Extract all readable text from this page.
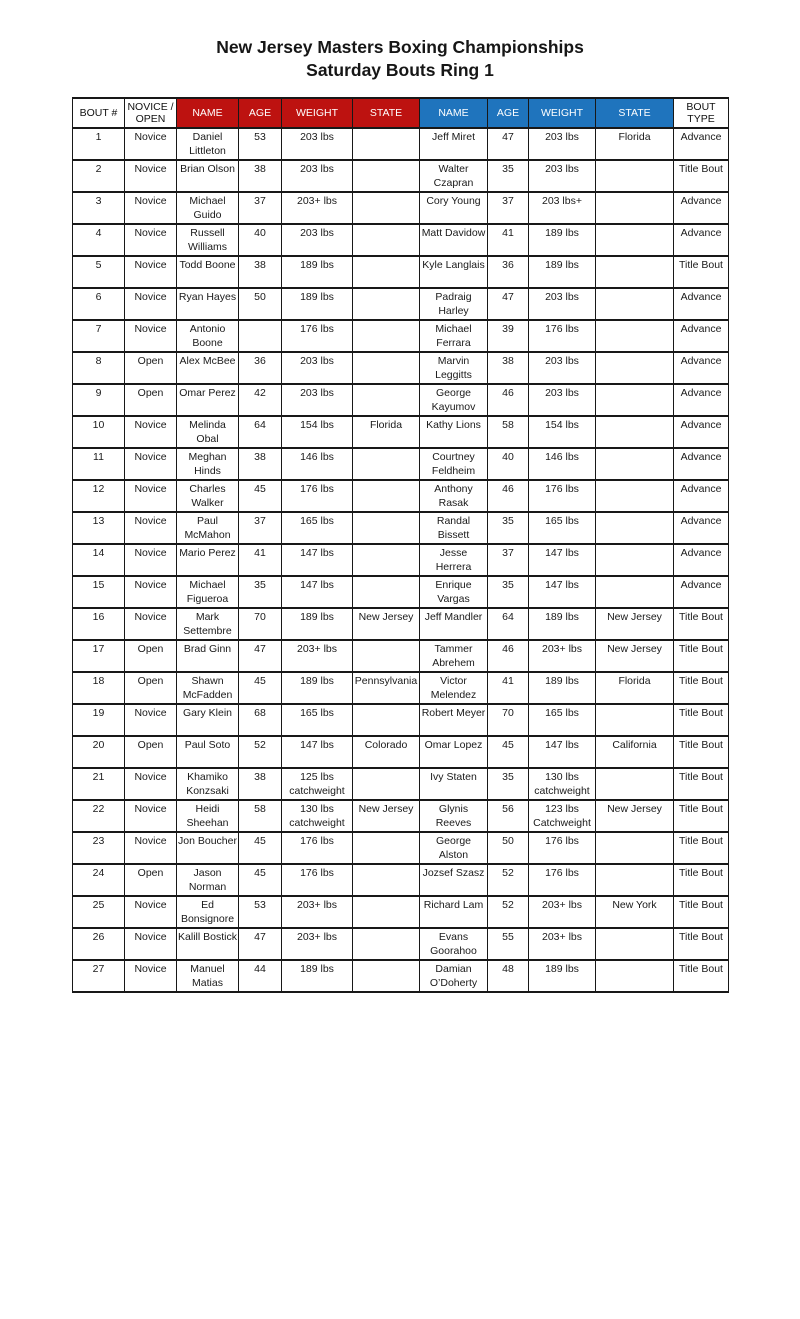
New Jersey Masters Boxing Championships
Saturday Bouts Ring 1
BOUT #	NOVICE / OPEN	NAME	AGE	WEIGHT	STATE	NAME	AGE	WEIGHT	STATE	BOUT TYPE
1	Novice	Daniel Littleton	53	203 lbs		Jeff Miret	47	203 lbs	Florida	Advance
2	Novice	Brian Olson	38	203 lbs		Walter Czapran	35	203 lbs		Title Bout
3	Novice	Michael Guido	37	203+ lbs		Cory Young	37	203 lbs+		Advance
4	Novice	Russell Williams	40	203 lbs		Matt Davidow	41	189 lbs		Advance
5	Novice	Todd Boone	38	189 lbs		Kyle Langlais	36	189 lbs		Title Bout
6	Novice	Ryan Hayes	50	189 lbs		Padraig Harley	47	203 lbs		Advance
7	Novice	Antonio Boone		176 lbs		Michael Ferrara	39	176 lbs		Advance
8	Open	Alex McBee	36	203 lbs		Marvin Leggitts	38	203 lbs		Advance
9	Open	Omar Perez	42	203 lbs		George Kayumov	46	203 lbs		Advance
10	Novice	Melinda Obal	64	154 lbs	Florida	Kathy Lions	58	154 lbs		Advance
11	Novice	Meghan Hinds	38	146 lbs		Courtney Feldheim	40	146 lbs		Advance
12	Novice	Charles Walker	45	176 lbs		Anthony Rasak	46	176 lbs		Advance
13	Novice	Paul McMahon	37	165 lbs		Randal Bissett	35	165 lbs		Advance
14	Novice	Mario Perez	41	147 lbs		Jesse Herrera	37	147 lbs		Advance
15	Novice	Michael Figueroa	35	147 lbs		Enrique Vargas	35	147 lbs		Advance
16	Novice	Mark Settembre	70	189 lbs	New Jersey	Jeff Mandler	64	189 lbs	New Jersey	Title Bout
17	Open	Brad Ginn	47	203+ lbs		Tammer Abrehem	46	203+ lbs	New Jersey	Title Bout
18	Open	Shawn McFadden	45	189 lbs	Pennsylvania	Victor Melendez	41	189 lbs	Florida	Title Bout
19	Novice	Gary Klein	68	165 lbs		Robert Meyer	70	165 lbs		Title Bout
20	Open	Paul Soto	52	147 lbs	Colorado	Omar Lopez	45	147 lbs	California	Title Bout
21	Novice	Khamiko Konzsaki	38	125 lbs catchweight		Ivy Staten	35	130 lbs catchweight		Title Bout
22	Novice	Heidi Sheehan	58	130 lbs catchweight	New Jersey	Glynis Reeves	56	123 lbs Catchweight	New Jersey	Title Bout
23	Novice	Jon Boucher	45	176 lbs		George Alston	50	176 lbs		Title Bout
24	Open	Jason Norman	45	176 lbs		Jozsef Szasz	52	176 lbs		Title Bout
25	Novice	Ed Bonsignore	53	203+ lbs		Richard Lam	52	203+ lbs	New York	Title Bout
26	Novice	Kalill Bostick	47	203+ lbs		Evans Goorahoo	55	203+ lbs		Title Bout
27	Novice	Manuel Matias	44	189 lbs		Damian O’Doherty	48	189 lbs		Title Bout
